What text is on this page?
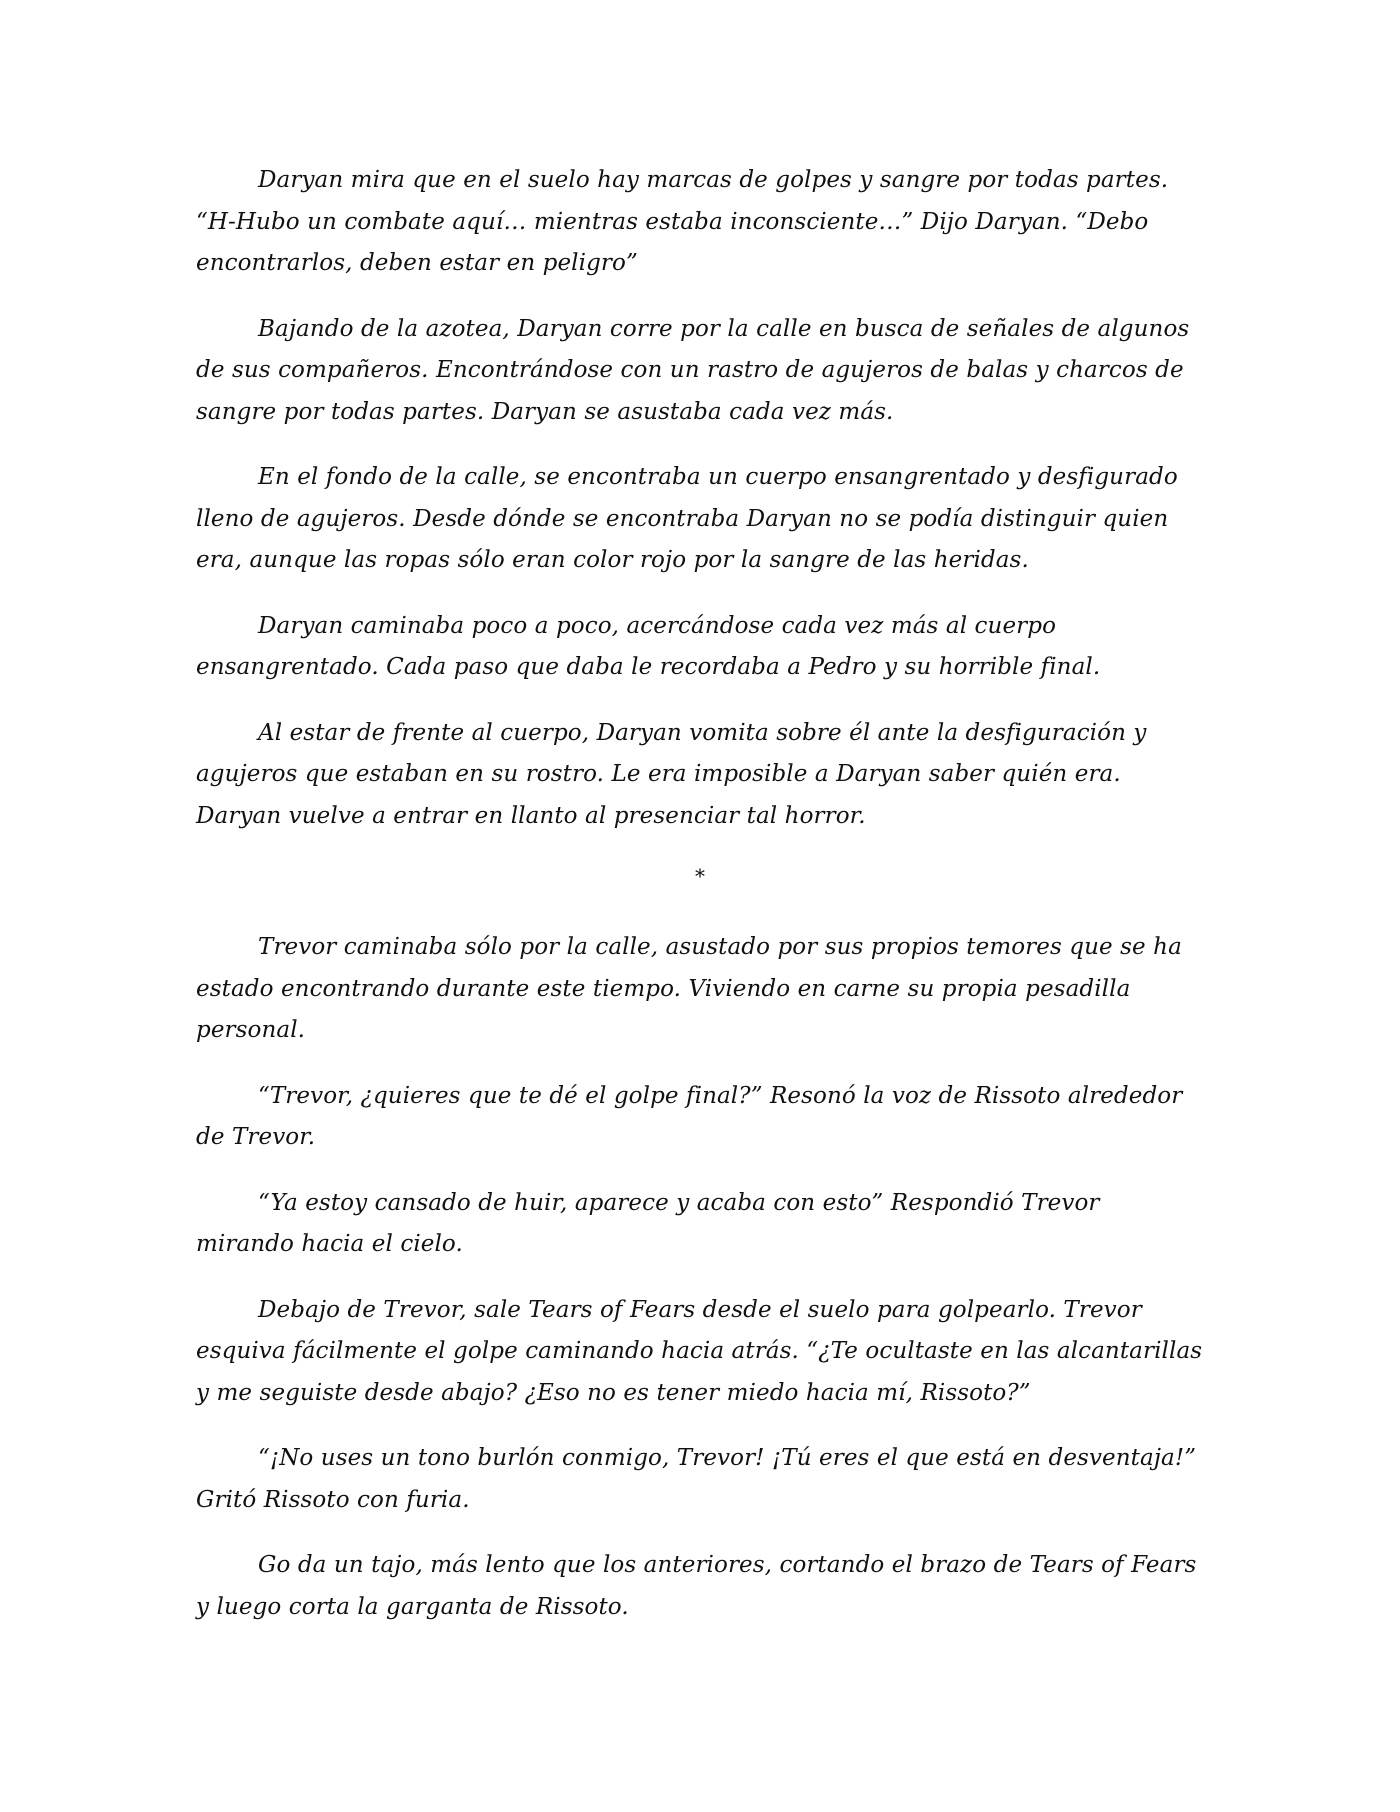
Daryan mira que en el suelo hay marcas de golpes y sangre por todas partes. “H-Hubo un combate aquí… mientras estaba inconsciente…” Dijo Daryan. “Debo encontrarlos, deben estar en peligro”

Bajando de la azotea, Daryan corre por la calle en busca de señales de algunos de sus compañeros. Encontrándose con un rastro de agujeros de balas y charcos de sangre por todas partes. Daryan se asustaba cada vez más.

En el fondo de la calle, se encontraba un cuerpo ensangrentado y desfigurado lleno de agujeros. Desde dónde se encontraba Daryan no se podía distinguir quien era, aunque las ropas sólo eran color rojo por la sangre de las heridas.

Daryan caminaba poco a poco, acercándose cada vez más al cuerpo ensangrentado. Cada paso que daba le recordaba a Pedro y su horrible final.

Al estar de frente al cuerpo, Daryan vomita sobre él ante la desfiguración y agujeros que estaban en su rostro. Le era imposible a Daryan saber quién era. Daryan vuelve a entrar en llanto al presenciar tal horror.

*

Trevor caminaba sólo por la calle, asustado por sus propios temores que se ha estado encontrando durante este tiempo. Viviendo en carne su propia pesadilla personal.

“Trevor, ¿quieres que te dé el golpe final?” Resonó la voz de Rissoto alrededor de Trevor.

“Ya estoy cansado de huir, aparece y acaba con esto” Respondió Trevor mirando hacia el cielo.

Debajo de Trevor, sale Tears of Fears desde el suelo para golpearlo. Trevor esquiva fácilmente el golpe caminando hacia atrás. “¿Te ocultaste en las alcantarillas y me seguiste desde abajo? ¿Eso no es tener miedo hacia mí, Rissoto?”

“¡No uses un tono burlón conmigo, Trevor! ¡Tú eres el que está en desventaja!” Gritó Rissoto con furia.

Go da un tajo, más lento que los anteriores, cortando el brazo de Tears of Fears y luego corta la garganta de Rissoto.
